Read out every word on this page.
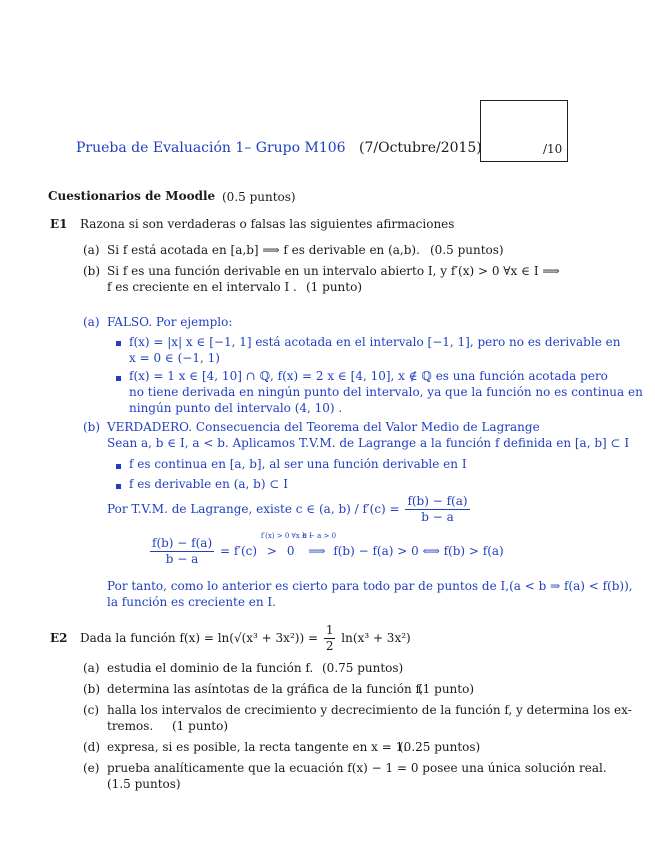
Prueba de Evaluación 1– Grupo M106 (7/Octubre/2015)	/10
Cuestionarios de Moodle (0.5 puntos)
E1 Razona si son verdaderas o falsas las siguientes afirmaciones
(a) Si f está acotada en [a,b] ⟹ f es derivable en (a,b). (0.5 puntos)
(b) Si f es una función derivable en un intervalo abierto I, y f′(x) > 0 ∀x ∈ I ⟹
f es creciente en el intervalo I . (1 punto)
(a) FALSO. Por ejemplo:
f(x) = |x| x ∈ [−1, 1] está acotada en el intervalo [−1, 1], pero no es derivable en
x = 0 ∈ (−1, 1)
f(x) = 1 x ∈ [4, 10] ∩ ℚ, f(x) = 2 x ∈ [4, 10], x ∉ ℚ es una función acotada pero
no tiene derivada en ningún punto del intervalo, ya que la función no es continua en
ningún punto del intervalo (4, 10) .
(b) VERDADERO. Consecuencia del Teorema del Valor Medio de Lagrange
Sean a, b ∈ I, a < b. Aplicamos T.V.M. de Lagrange a la función f definida en [a, b] ⊂ I
f es continua en [a, b], al ser una función derivable en I
f es derivable en (a, b) ⊂ I
Por T.V.M. de Lagrange, existe c ∈ (a, $b) / f'(c) = \frac{f(b) - f(a)}{b - a}$
$\frac{f(b) - f(a)}{b - a} = f'(c)$
f′(x) > 0 ∀x ∈ I
> 0
b − a > 0
⟹ f(b) − f(a) > 0 ⟺ f(b) > f(a)
Por tanto, como lo anterior es cierto para todo par de puntos de I,(a < b ⇒ f(a) < f(b)),
la función es creciente en I.
E2 Dada la función $f(x) = \ln(√(x^3 + 3x^2)) = \frac{1}{2} \ln(x^3 + 3x^2)$
(a) estudia el dominio de la función f. (0.75 puntos)
(b) determina las asíntotas de la gráfica de la función f.
(1 punto)
(c) halla los intervalos de crecimiento y decrecimiento de la función f, y determina los ex-
tremos. (1 punto)
(d) expresa, si es posible, la recta tangente en x = 1.
(0.25 puntos)
(e) prueba analíticamente que la ecuación f(x) − 1 = 0 posee una única solución real.
(1.5 puntos)
